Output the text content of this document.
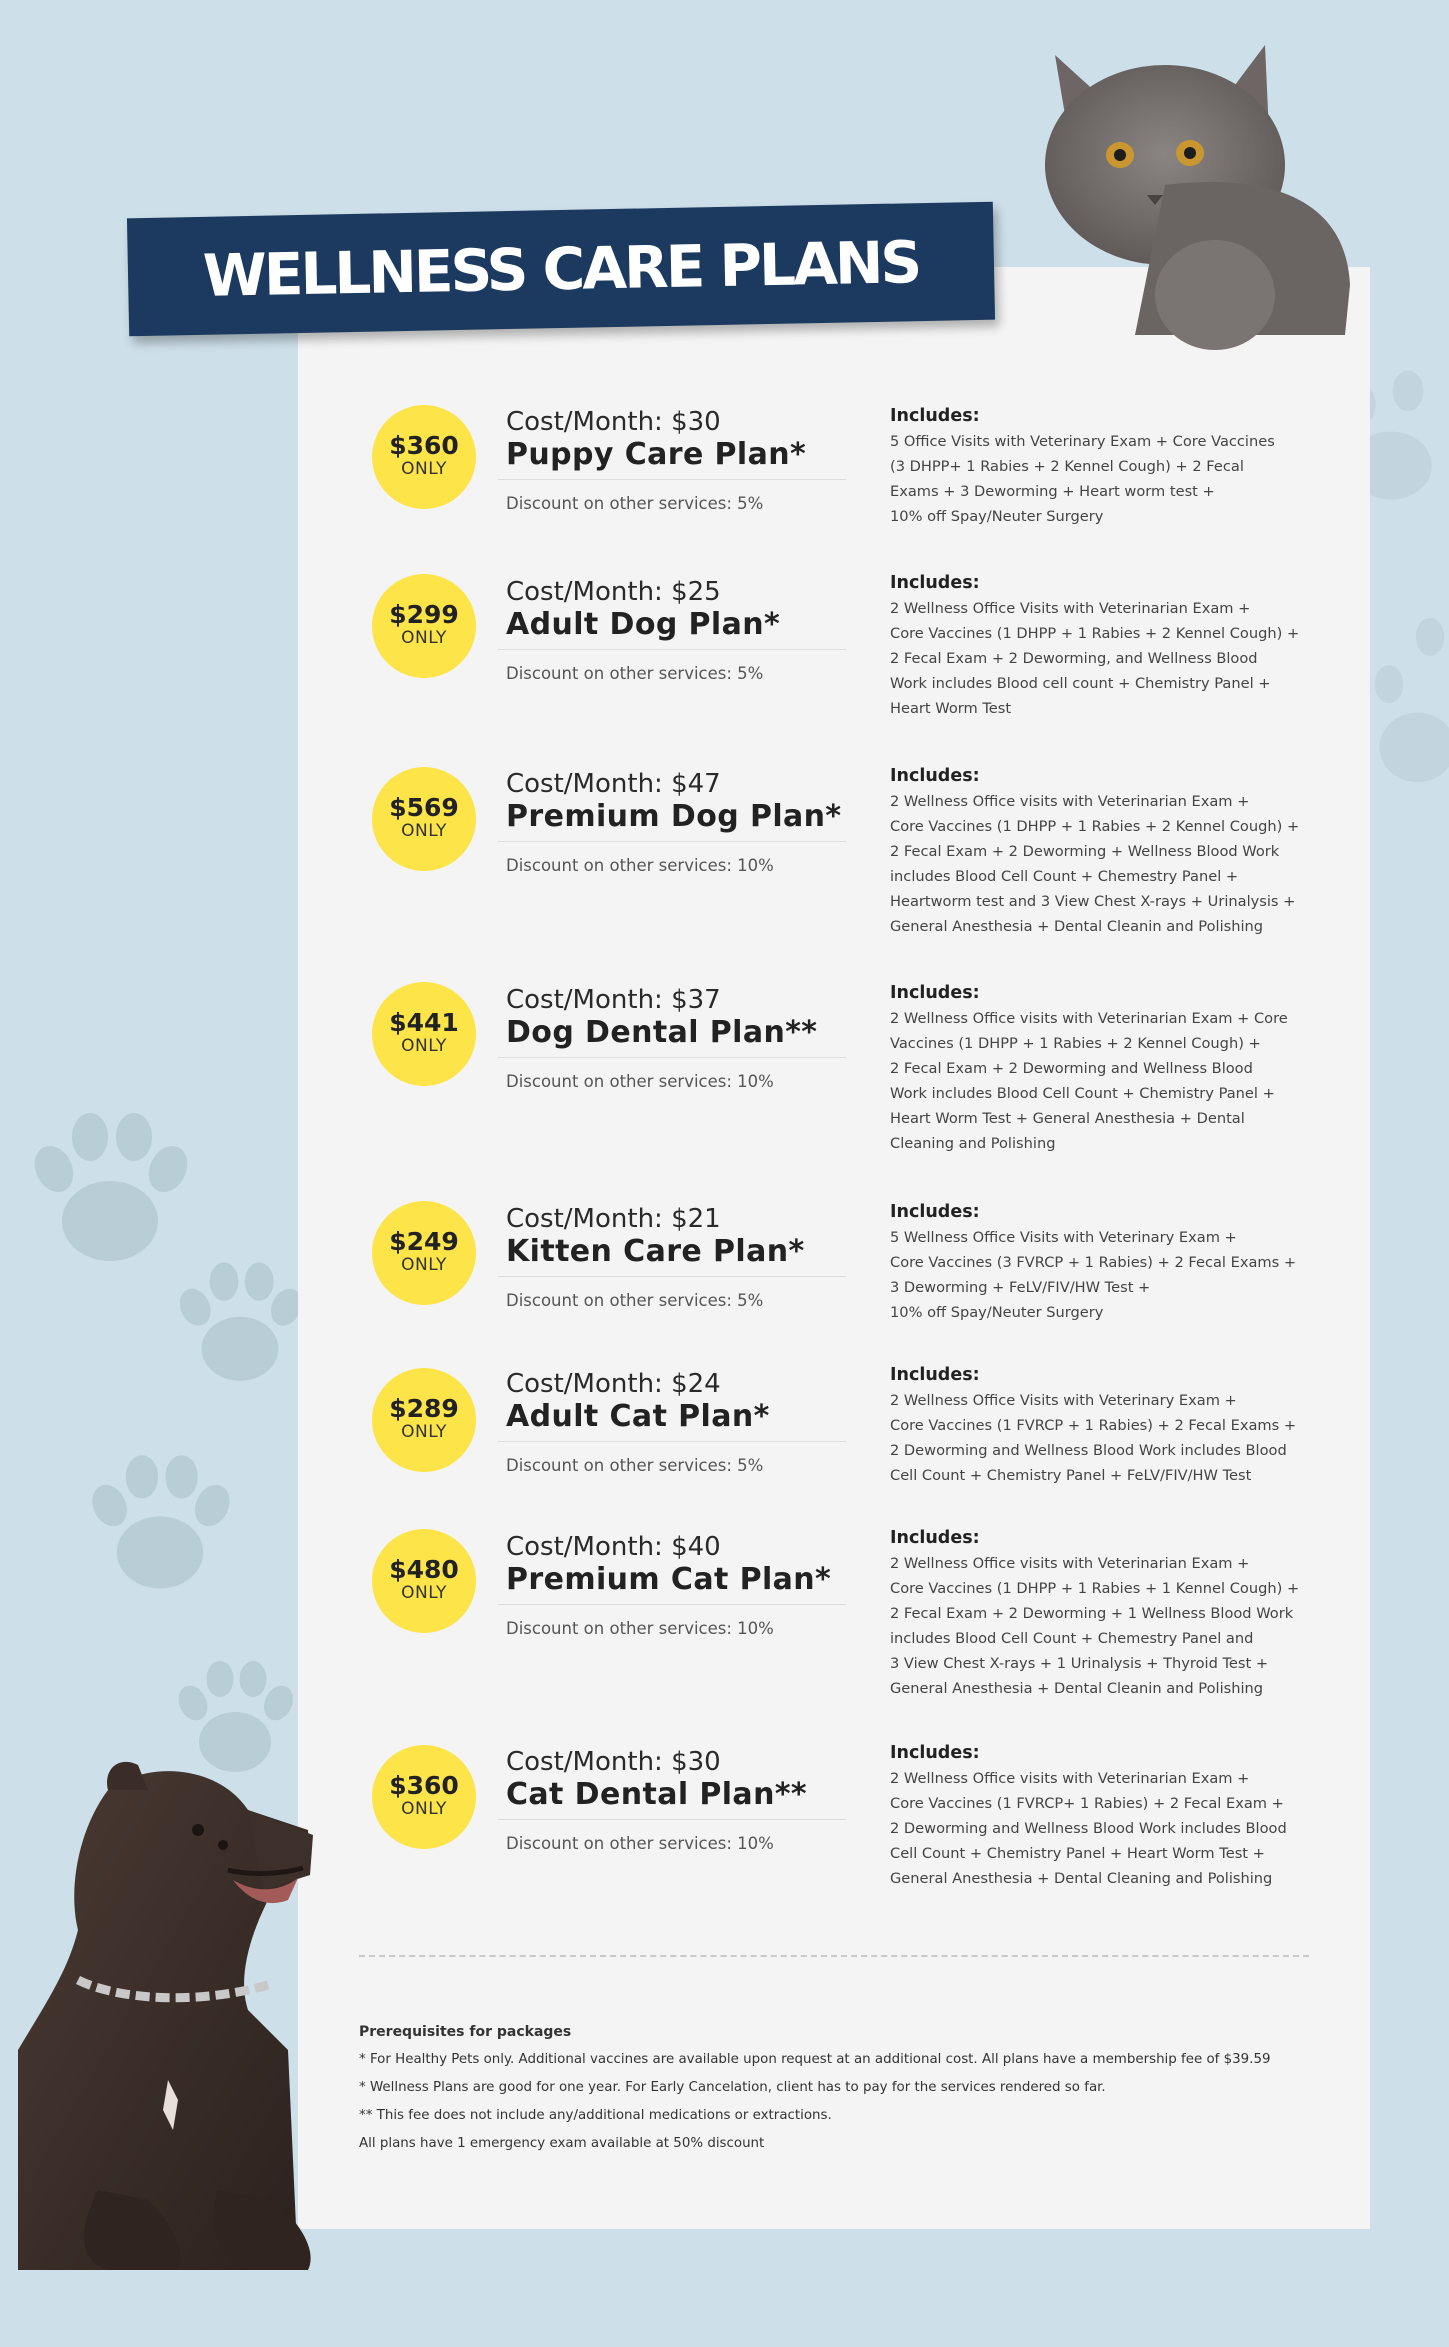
WELLNESS CARE PLANS
$360
ONLY
Cost/Month: $30
Puppy Care Plan*
Discount on other services: 5%
Includes:
5 Office Visits with Veterinary Exam + Core Vaccines
(3 DHPP+ 1 Rabies + 2 Kennel Cough) + 2 Fecal
Exams + 3 Deworming + Heart worm test +
10% off Spay/Neuter Surgery
$299
ONLY
Cost/Month: $25
Adult Dog Plan*
Discount on other services: 5%
Includes:
2 Wellness Office Visits with Veterinarian Exam +
Core Vaccines (1 DHPP + 1 Rabies + 2 Kennel Cough) +
2 Fecal Exam + 2 Deworming, and Wellness Blood
Work includes Blood cell count + Chemistry Panel +
Heart Worm Test
$569
ONLY
Cost/Month: $47
Premium Dog Plan*
Discount on other services: 10%
Includes:
2 Wellness Office visits with Veterinarian Exam +
Core Vaccines (1 DHPP + 1 Rabies + 2 Kennel Cough) +
2 Fecal Exam + 2 Deworming + Wellness Blood Work
includes Blood Cell Count + Chemestry Panel +
Heartworm test and 3 View Chest X-rays + Urinalysis +
General Anesthesia + Dental Cleanin and Polishing
$441
ONLY
Cost/Month: $37
Dog Dental Plan**
Discount on other services: 10%
Includes:
2 Wellness Office visits with Veterinarian Exam + Core
Vaccines (1 DHPP + 1 Rabies + 2 Kennel Cough) +
2 Fecal Exam + 2 Deworming and Wellness Blood
Work includes Blood Cell Count + Chemistry Panel +
Heart Worm Test + General Anesthesia + Dental
Cleaning and Polishing
$249
ONLY
Cost/Month: $21
Kitten Care Plan*
Discount on other services: 5%
Includes:
5 Wellness Office Visits with Veterinary Exam +
Core Vaccines (3 FVRCP + 1 Rabies) + 2 Fecal Exams +
3 Deworming + FeLV/FIV/HW Test +
10% off Spay/Neuter Surgery
$289
ONLY
Cost/Month: $24
Adult Cat Plan*
Discount on other services: 5%
Includes:
2 Wellness Office Visits with Veterinary Exam +
Core Vaccines (1 FVRCP + 1 Rabies) + 2 Fecal Exams +
2 Deworming and Wellness Blood Work includes Blood
Cell Count + Chemistry Panel + FeLV/FIV/HW Test
$480
ONLY
Cost/Month: $40
Premium Cat Plan*
Discount on other services: 10%
Includes:
2 Wellness Office visits with Veterinarian Exam +
Core Vaccines (1 DHPP + 1 Rabies + 1 Kennel Cough) +
2 Fecal Exam + 2 Deworming + 1 Wellness Blood Work
includes Blood Cell Count + Chemestry Panel and
3 View Chest X-rays + 1 Urinalysis + Thyroid Test +
General Anesthesia + Dental Cleanin and Polishing
$360
ONLY
Cost/Month: $30
Cat Dental Plan**
Discount on other services: 10%
Includes:
2 Wellness Office visits with Veterinarian Exam +
Core Vaccines (1 FVRCP+ 1 Rabies) + 2 Fecal Exam +
2 Deworming and Wellness Blood Work includes Blood
Cell Count + Chemistry Panel + Heart Worm Test +
General Anesthesia + Dental Cleaning and Polishing
Prerequisites for packages
* For Healthy Pets only. Additional vaccines are available upon request at an additional cost. All plans have a membership fee of $39.59
* Wellness Plans are good for one year. For Early Cancelation, client has to pay for the services rendered so far.
** This fee does not include any/additional medications or extractions.
All plans have 1 emergency exam available at 50% discount
